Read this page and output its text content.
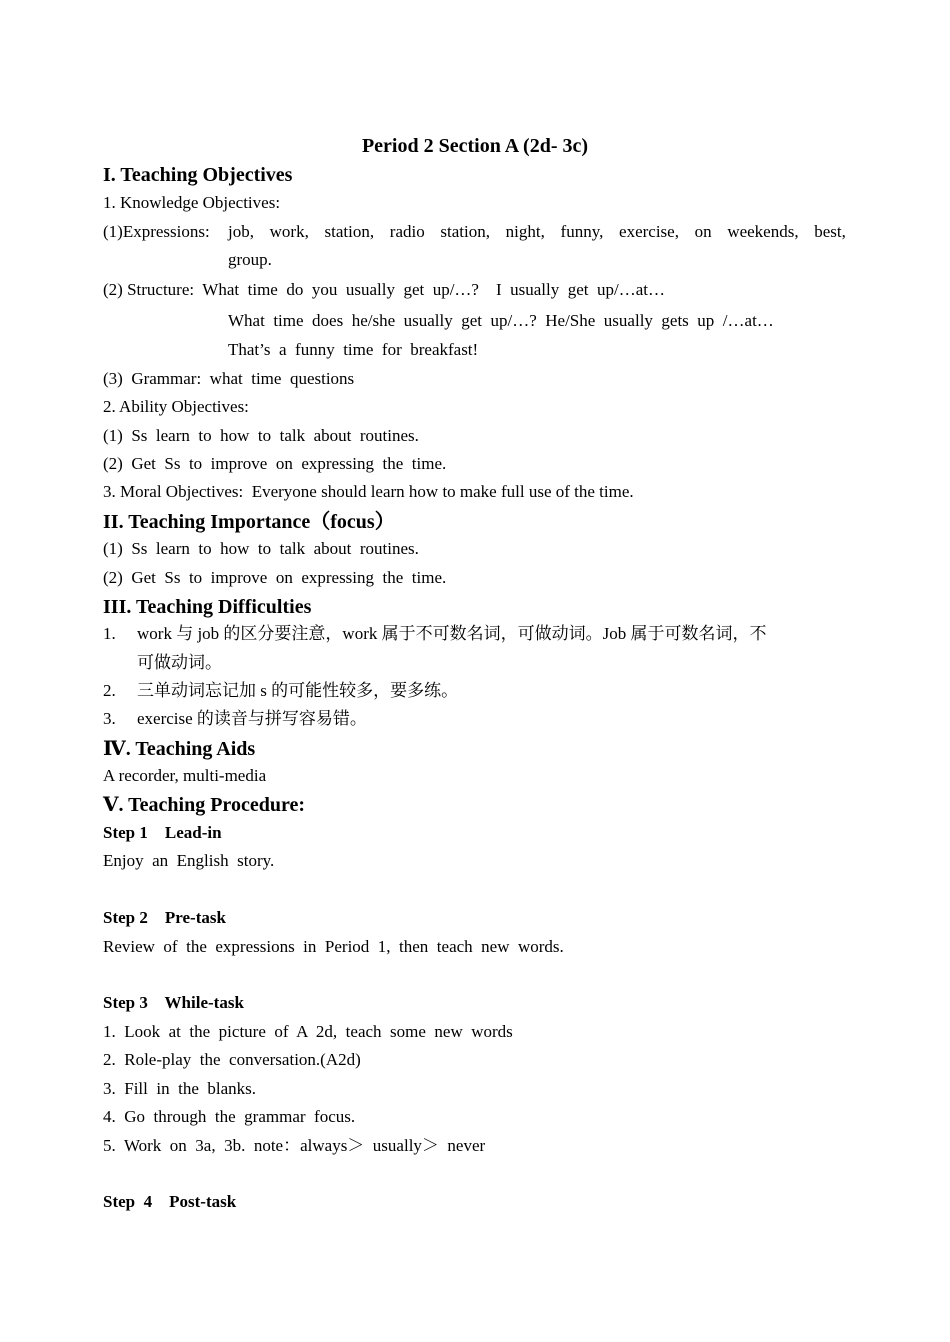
Period 2 Section A (2d- 3c)
I. Teaching Objectives
1. Knowledge Objectives:
(1)Expressions: job, work, station, radio station, night, funny, exercise, on weekends, best,
group.
(2) Structure:  What  time  do  you  usually  get  up/…?    I  usually  get  up/…at…
What  time  does  he/she  usually  get  up/…?  He/She  usually  gets  up  /…at…
That’s  a  funny  time  for  breakfast!
(3)  Grammar:  what  time  questions
2. Ability Objectives:
(1)  Ss  learn  to  how  to  talk  about  routines.
(2)  Get  Ss  to  improve  on  expressing  the  time.
3. Moral Objectives:  Everyone should learn how to make full use of the time.
II. Teaching Importance（focus）
(1)  Ss  learn  to  how  to  talk  about  routines.
(2)  Get  Ss  to  improve  on  expressing  the  time.
III. Teaching Difficulties
1. work 与 job 的区分要注意，work 属于不可数名词，可做动词。Job 属于可数名词，不
可做动词。
2. 三单动词忘记加 s 的可能性较多，要多练。
3. exercise 的读音与拼写容易错。
Ⅳ. Teaching Aids
A recorder, multi-media
Ⅴ. Teaching Procedure:
Step 1    Lead-in
Enjoy  an  English  story.
Step 2    Pre-task
Review  of  the  expressions  in  Period  1,  then  teach  new  words.
Step 3    While-task
1.  Look  at  the  picture  of  A  2d,  teach  some  new  words
2.  Role-play  the  conversation.(A2d)
3.  Fill  in  the  blanks.
4.  Go  through  the  grammar  focus.
5.  Work  on  3a,  3b.  note：always＞  usually＞  never
Step  4    Post-task
